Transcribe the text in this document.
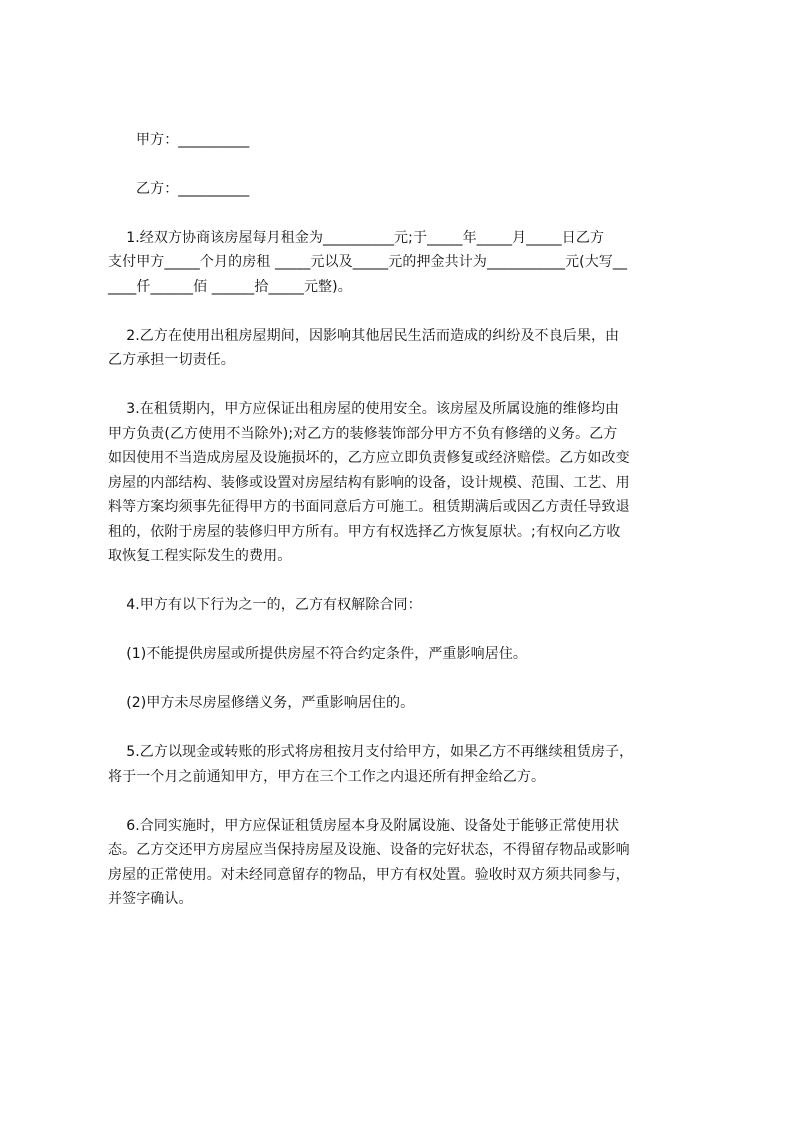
甲方：__________

乙方：__________

1.经双方协商该房屋每月租金为__________元;于_____年_____月_____日乙方
支付甲方_____个月的房租 _____元以及_____元的押金共计为___________元(大写__
____仟______佰 ______拾_____元整)。
2.乙方在使用出租房屋期间，因影响其他居民生活而造成的纠纷及不良后果，由
乙方承担一切责任。
3.在租赁期内，甲方应保证出租房屋的使用安全。该房屋及所属设施的维修均由
甲方负责(乙方使用不当除外);对乙方的装修装饰部分甲方不负有修缮的义务。乙方
如因使用不当造成房屋及设施损坏的，乙方应立即负责修复或经济赔偿。乙方如改变
房屋的内部结构、装修或设置对房屋结构有影响的设备，设计规模、范围、工艺、用
料等方案均须事先征得甲方的书面同意后方可施工。租赁期满后或因乙方责任导致退
租的，依附于房屋的装修归甲方所有。甲方有权选择乙方恢复原状。;有权向乙方收
取恢复工程实际发生的费用。
4.甲方有以下行为之一的，乙方有权解除合同：
(1)不能提供房屋或所提供房屋不符合约定条件，严重影响居住。
(2)甲方未尽房屋修缮义务，严重影响居住的。
5.乙方以现金或转账的形式将房租按月支付给甲方，如果乙方不再继续租赁房子，
将于一个月之前通知甲方，甲方在三个工作之内退还所有押金给乙方。
6.合同实施时，甲方应保证租赁房屋本身及附属设施、设备处于能够正常使用状
态。乙方交还甲方房屋应当保持房屋及设施、设备的完好状态，不得留存物品或影响
房屋的正常使用。对未经同意留存的物品，甲方有权处置。验收时双方须共同参与，
并签字确认。
